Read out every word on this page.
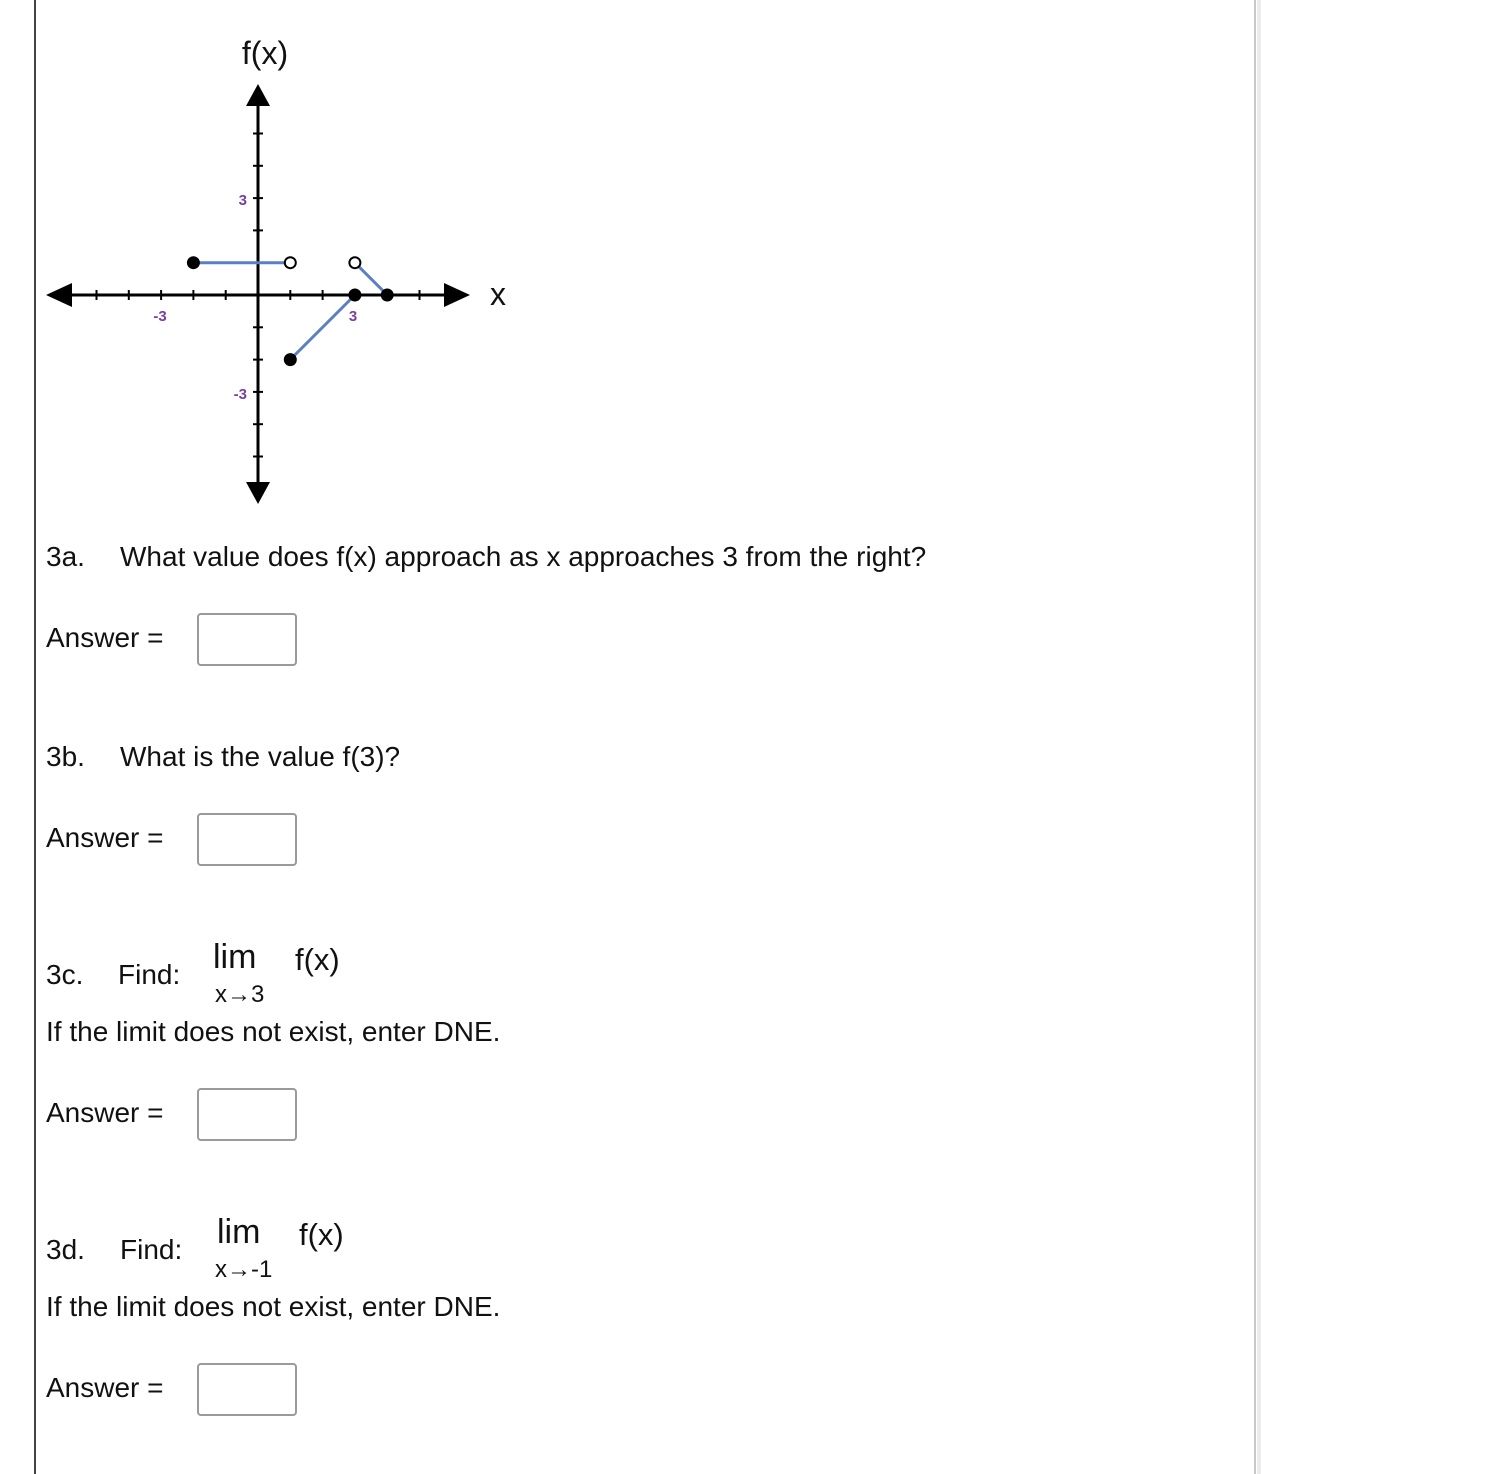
f(x)
x
-3	3
3
-3
3a. What value does f(x) approach as x approaches 3 from the right?
Answer =
3b. What is the value f(3)?
Answer =
3c. Find: lim f(x)
x→3
If the limit does not exist, enter DNE.
Answer =
3d. Find: lim f(x)
x→-1
If the limit does not exist, enter DNE.
Answer =
